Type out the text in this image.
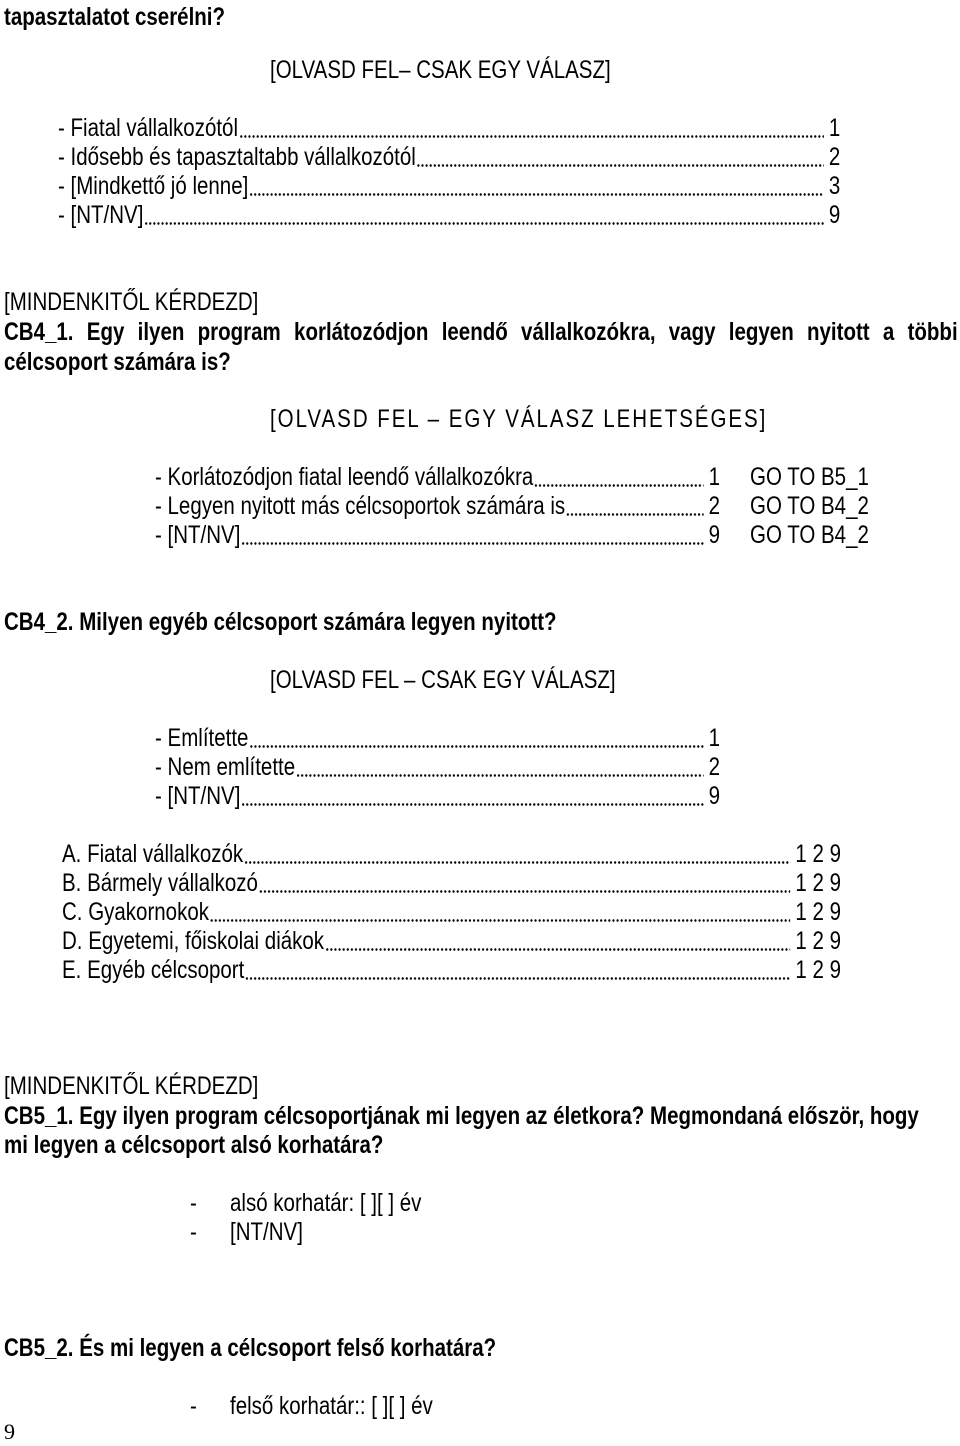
tapasztalatot cserélni?
[OLVASD FEL– CSAK EGY VÁLASZ]
- Fiatal vállalkozótól	1
- Idősebb és tapasztaltabb vállalkozótól	2
- [Mindkettő jó lenne]	3
- [NT/NV]	9
[MINDENKITŐL KÉRDEZD]
CB4_1. Egy ilyen program korlátozódjon leendő vállalkozókra, vagy legyen nyitott a többi
célcsoport számára is?
[OLVASD FEL – EGY VÁLASZ LEHETSÉGES]
- Korlátozódjon fiatal leendő vállalkozókra	1 GO TO B5_1
- Legyen nyitott más célcsoportok számára is	2 GO TO B4_2
- [NT/NV]	9 GO TO B4_2
CB4_2. Milyen egyéb célcsoport számára legyen nyitott?
[OLVASD FEL – CSAK EGY VÁLASZ]
- Említette	1
- Nem említette	2
- [NT/NV]	9
A. Fiatal vállalkozók	1 2 9
B. Bármely vállalkozó	1 2 9
C. Gyakornokok	1 2 9
D. Egyetemi, főiskolai diákok	1 2 9
E. Egyéb célcsoport	1 2 9
[MINDENKITŐL KÉRDEZD]
CB5_1. Egy ilyen program célcsoportjának mi legyen az életkora? Megmondaná először, hogy
mi legyen a célcsoport alsó korhatára?
- alsó korhatár: [ ][ ] év
- [NT/NV]
CB5_2. És mi legyen a célcsoport felső korhatára?
- felső korhatár:: [ ][ ] év
9
